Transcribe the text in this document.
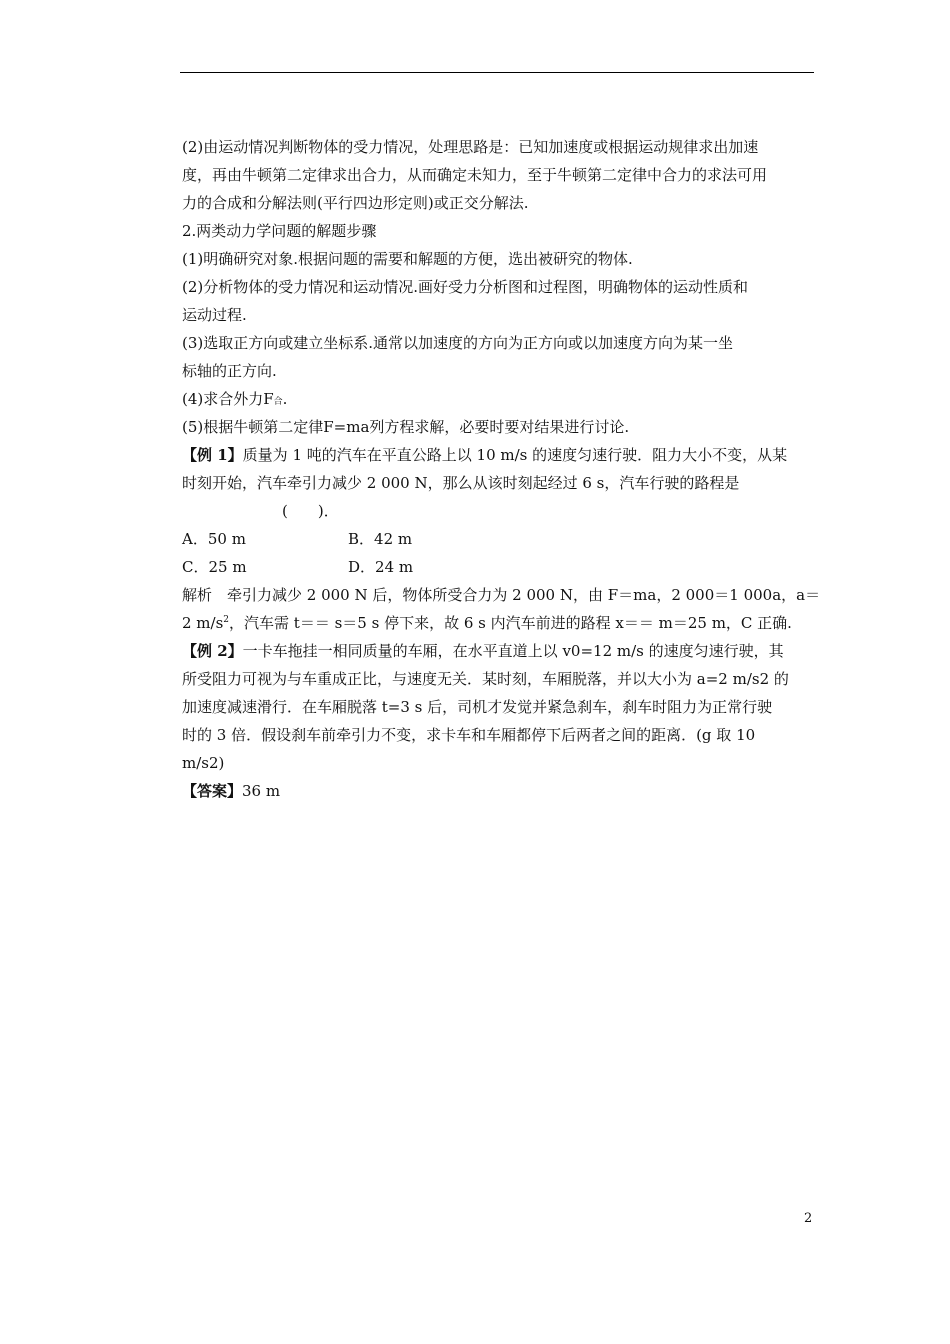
(2)由运动情况判断物体的受力情况，处理思路是：已知加速度或根据运动规律求出加速
度，再由牛顿第二定律求出合力，从而确定未知力，至于牛顿第二定律中合力的求法可用
力的合成和分解法则(平行四边形定则)或正交分解法.
2.两类动力学问题的解题步骤
(1)明确研究对象.根据问题的需要和解题的方便，选出被研究的物体.
(2)分析物体的受力情况和运动情况.画好受力分析图和过程图，明确物体的运动性质和
运动过程.
(3)选取正方向或建立坐标系.通常以加速度的方向为正方向或以加速度方向为某一坐
标轴的正方向.
(4)求合外力F合.
(5)根据牛顿第二定律F=ma列方程求解，必要时要对结果进行讨论.
【例 1】质量为 1 吨的汽车在平直公路上以 10 m/s 的速度匀速行驶．阻力大小不变，从某
时刻开始，汽车牵引力减少 2 000 N，那么从该时刻起经过 6 s，汽车行驶的路程是
(　　)．
A．50 m	B．42 m
C．25 m	D．24 m
解析　牵引力减少 2 000 N 后，物体所受合力为 2 000 N，由 F＝ma，2 000＝1 000a，a＝
2 $m/s^2$，汽车需 t＝＝ s＝5 s 停下来，故 6 s 内汽车前进的路程 x＝＝ m＝25 m，C 正确.
【例 2】一卡车拖挂一相同质量的车厢，在水平直道上以 v0=12 m/s 的速度匀速行驶，其
所受阻力可视为与车重成正比，与速度无关．某时刻，车厢脱落，并以大小为 a=2 m/s2 的
加速度减速滑行．在车厢脱落 t=3 s 后，司机才发觉并紧急刹车，刹车时阻力为正常行驶
时的 3 倍．假设刹车前牵引力不变，求卡车和车厢都停下后两者之间的距离．(g 取 10
m/s2)
【答案】36 m
2
